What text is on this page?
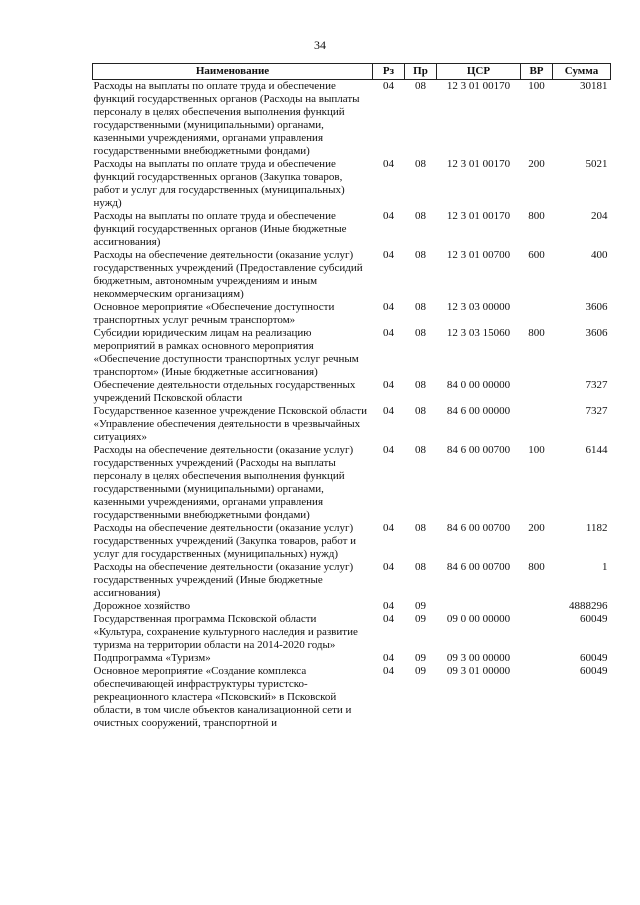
34
Наименование	Рз	Пр	ЦСР	ВР	Сумма
Расходы на выплаты по оплате труда и обеспечение функций государственных органов (Расходы на выплаты персоналу в целях обеспечения выполнения функций государственными (муниципальными) органами, казенными учреждениями, органами управления государственными внебюджетными фондами)	04	08	12 3 01 00170	100	30181
Расходы на выплаты по оплате труда и обеспечение функций государственных органов (Закупка товаров, работ и услуг для государственных (муниципальных) нужд)	04	08	12 3 01 00170	200	5021
Расходы на выплаты по оплате труда и обеспечение функций государственных органов (Иные бюджетные ассигнования)	04	08	12 3 01 00170	800	204
Расходы на обеспечение деятельности (оказание услуг) государственных учреждений (Предоставление субсидий бюджетным, автономным учреждениям и иным некоммерческим организациям)	04	08	12 3 01 00700	600	400
Основное мероприятие «Обеспечение доступности транспортных услуг речным транспортом»	04	08	12 3 03 00000		3606
Субсидии юридическим лицам на реализацию мероприятий в рамках основного мероприятия «Обеспечение доступности транспортных услуг речным транспортом» (Иные бюджетные ассигнования)	04	08	12 3 03 15060	800	3606
Обеспечение деятельности отдельных государственных учреждений Псковской области	04	08	84 0 00 00000		7327
Государственное казенное учреждение Псковской области «Управление обеспечения деятельности в чрезвычайных ситуациях»	04	08	84 6 00 00000		7327
Расходы на обеспечение деятельности (оказание услуг) государственных учреждений (Расходы на выплаты персоналу в целях обеспечения выполнения функций государственными (муниципальными) органами, казенными учреждениями, органами управления государственными внебюджетными фондами)	04	08	84 6 00 00700	100	6144
Расходы на обеспечение деятельности (оказание услуг) государственных учреждений (Закупка товаров, работ и услуг для государственных (муниципальных) нужд)	04	08	84 6 00 00700	200	1182
Расходы на обеспечение деятельности (оказание услуг) государственных учреждений (Иные бюджетные ассигнования)	04	08	84 6 00 00700	800	1
Дорожное хозяйство	04	09			4888296
Государственная программа Псковской области «Культура, сохранение культурного наследия и развитие туризма на территории области на 2014-2020 годы»	04	09	09 0 00 00000		60049
Подпрограмма «Туризм»	04	09	09 3 00 00000		60049
Основное мероприятие «Создание комплекса обеспечивающей инфраструктуры туристско-рекреационного кластера «Псковский» в Псковской области, в том числе объектов канализационной сети и очистных сооружений, транспортной и	04	09	09 3 01 00000		60049
